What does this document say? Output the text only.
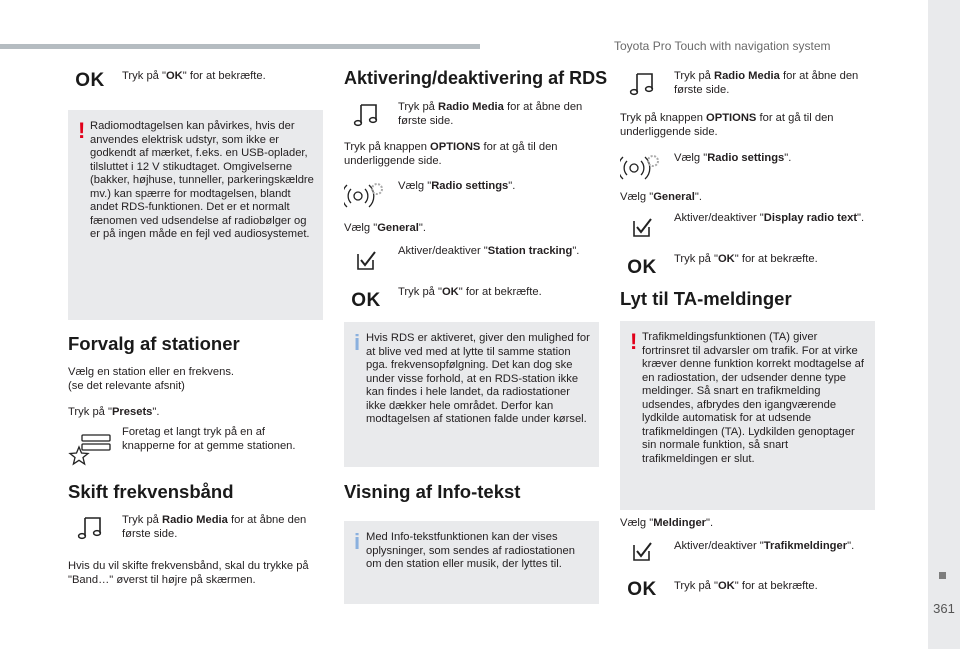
Toyota Pro Touch with navigation system
361
OK Tryk på "OK" for at bekræfte.
! Radiomodtagelsen kan påvirkes, hvis der anvendes elektrisk udstyr, som ikke er godkendt af mærket, f.eks. en USB-oplader, tilsluttet i 12 V stikudtaget. Omgivelserne (bakker, højhuse, tunneller, parkeringskældre mv.) kan spærre for modtagelsen, blandt andet RDS-funktionen. Det er et normalt fænomen ved udsendelse af radiobølger og er på ingen måde en fejl ved audiosystemet.
Forvalg af stationer
Vælg en station eller en frekvens.
(se det relevante afsnit)
Tryk på "Presets".
Foretag et langt tryk på en af knapperne for at gemme stationen.
Skift frekvensbånd
Tryk på Radio Media for at åbne den første side.
Hvis du vil skifte frekvensbånd, skal du trykke på "Band…" øverst til højre på skærmen.
Aktivering/deaktivering af RDS
Tryk på Radio Media for at åbne den første side.
Tryk på knappen OPTIONS for at gå til den underliggende side.
Vælg "Radio settings".
Vælg "General".
Aktiver/deaktiver "Station tracking".
OK Tryk på "OK" for at bekræfte.
i Hvis RDS er aktiveret, giver den mulighed for at blive ved med at lytte til samme station pga. frekvensopfølgning. Det kan dog ske under visse forhold, at en RDS-station ikke kan findes i hele landet, da radiostationer ikke dækker hele området. Derfor kan modtagelsen af stationen falde under kørsel.
Visning af Info-tekst
i Med Info-tekstfunktionen kan der vises oplysninger, som sendes af radiostationen om den station eller musik, der lyttes til.
Tryk på Radio Media for at åbne den første side.
Tryk på knappen OPTIONS for at gå til den underliggende side.
Vælg "Radio settings".
Vælg "General".
Aktiver/deaktiver "Display radio text".
OK Tryk på "OK" for at bekræfte.
Lyt til TA-meldinger
! Trafikmeldingsfunktionen (TA) giver fortrinsret til advarsler om trafik. For at virke kræver denne funktion korrekt modtagelse af en radiostation, der udsender denne type meldinger. Så snart en trafikmelding udsendes, afbrydes den igangværende lydkilde automatisk for at udsende trafikmeldingen (TA). Lydkilden genoptager sin normale funktion, så snart trafikmeldingen er slut.
Vælg "Meldinger".
Aktiver/deaktiver "Trafikmeldinger".
OK Tryk på "OK" for at bekræfte.
